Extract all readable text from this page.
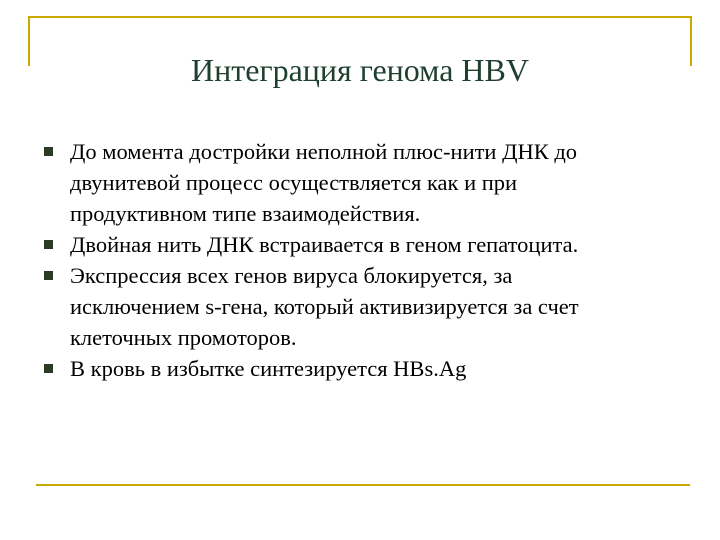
Интеграция генома HBV
До момента достройки неполной плюс-нити ДНК до
двунитевой процесс осуществляется как и при
продуктивном типе взаимодействия.
Двойная нить ДНК встраивается в геном гепатоцита.
Экспрессия всех генов вируса блокируется, за
исключением s-гена, который активизируется за счет
клеточных промоторов.
В кровь в избытке синтезируется HBs.Ag
